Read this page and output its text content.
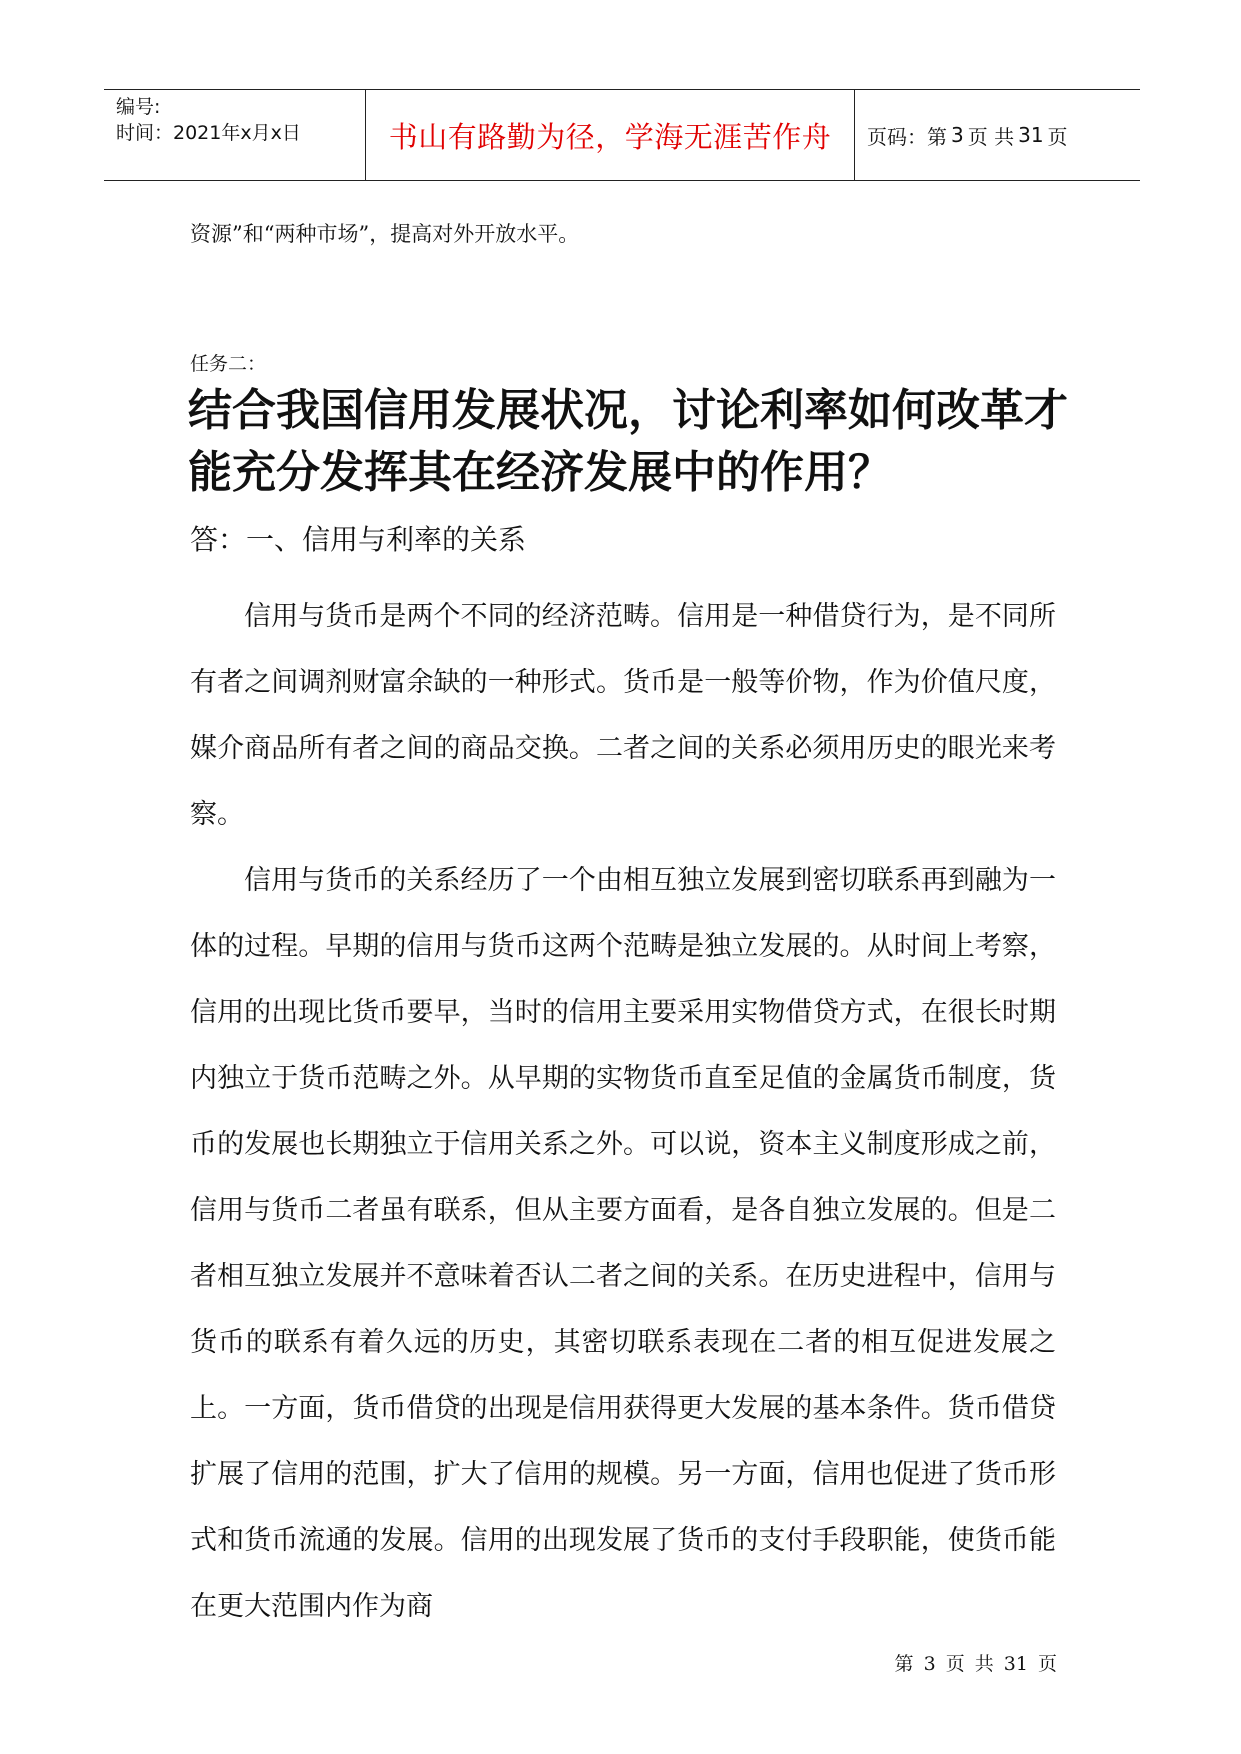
编号:
时间：2021年x月x日	书山有路勤为径，学海无涯苦作舟	页码：第 3 页 共 31 页
资源”和“两种市场”，提高对外开放水平。
任务二：
结合我国信用发展状况，讨论利率如何改革才能充分发挥其在经济发展中的作用？
答：一、信用与利率的关系

信用与货币是两个不同的经济范畴。信用是一种借贷行为，是不同所有者之间调剂财富余缺的一种形式。货币是一般等价物，作为价值尺度，媒介商品所有者之间的商品交换。二者之间的关系必须用历史的眼光来考察。

信用与货币的关系经历了一个由相互独立发展到密切联系再到融为一体的过程。早期的信用与货币这两个范畴是独立发展的。从时间上考察，信用的出现比货币要早，当时的信用主要采用实物借贷方式，在很长时期内独立于货币范畴之外。从早期的实物货币直至足值的金属货币制度，货币的发展也长期独立于信用关系之外。可以说，资本主义制度形成之前，信用与货币二者虽有联系，但从主要方面看，是各自独立发展的。但是二者相互独立发展并不意味着否认二者之间的关系。在历史进程中，信用与货币的联系有着久远的历史，其密切联系表现在二者的相互促进发展之上。一方面，货币借贷的出现是信用获得更大发展的基本条件。货币借贷扩展了信用的范围，扩大了信用的规模。另一方面，信用也促进了货币形式和货币流通的发展。信用的出现发展了货币的支付手段职能，使货币能在更大范围内作为商

第 3 页 共 31 页
